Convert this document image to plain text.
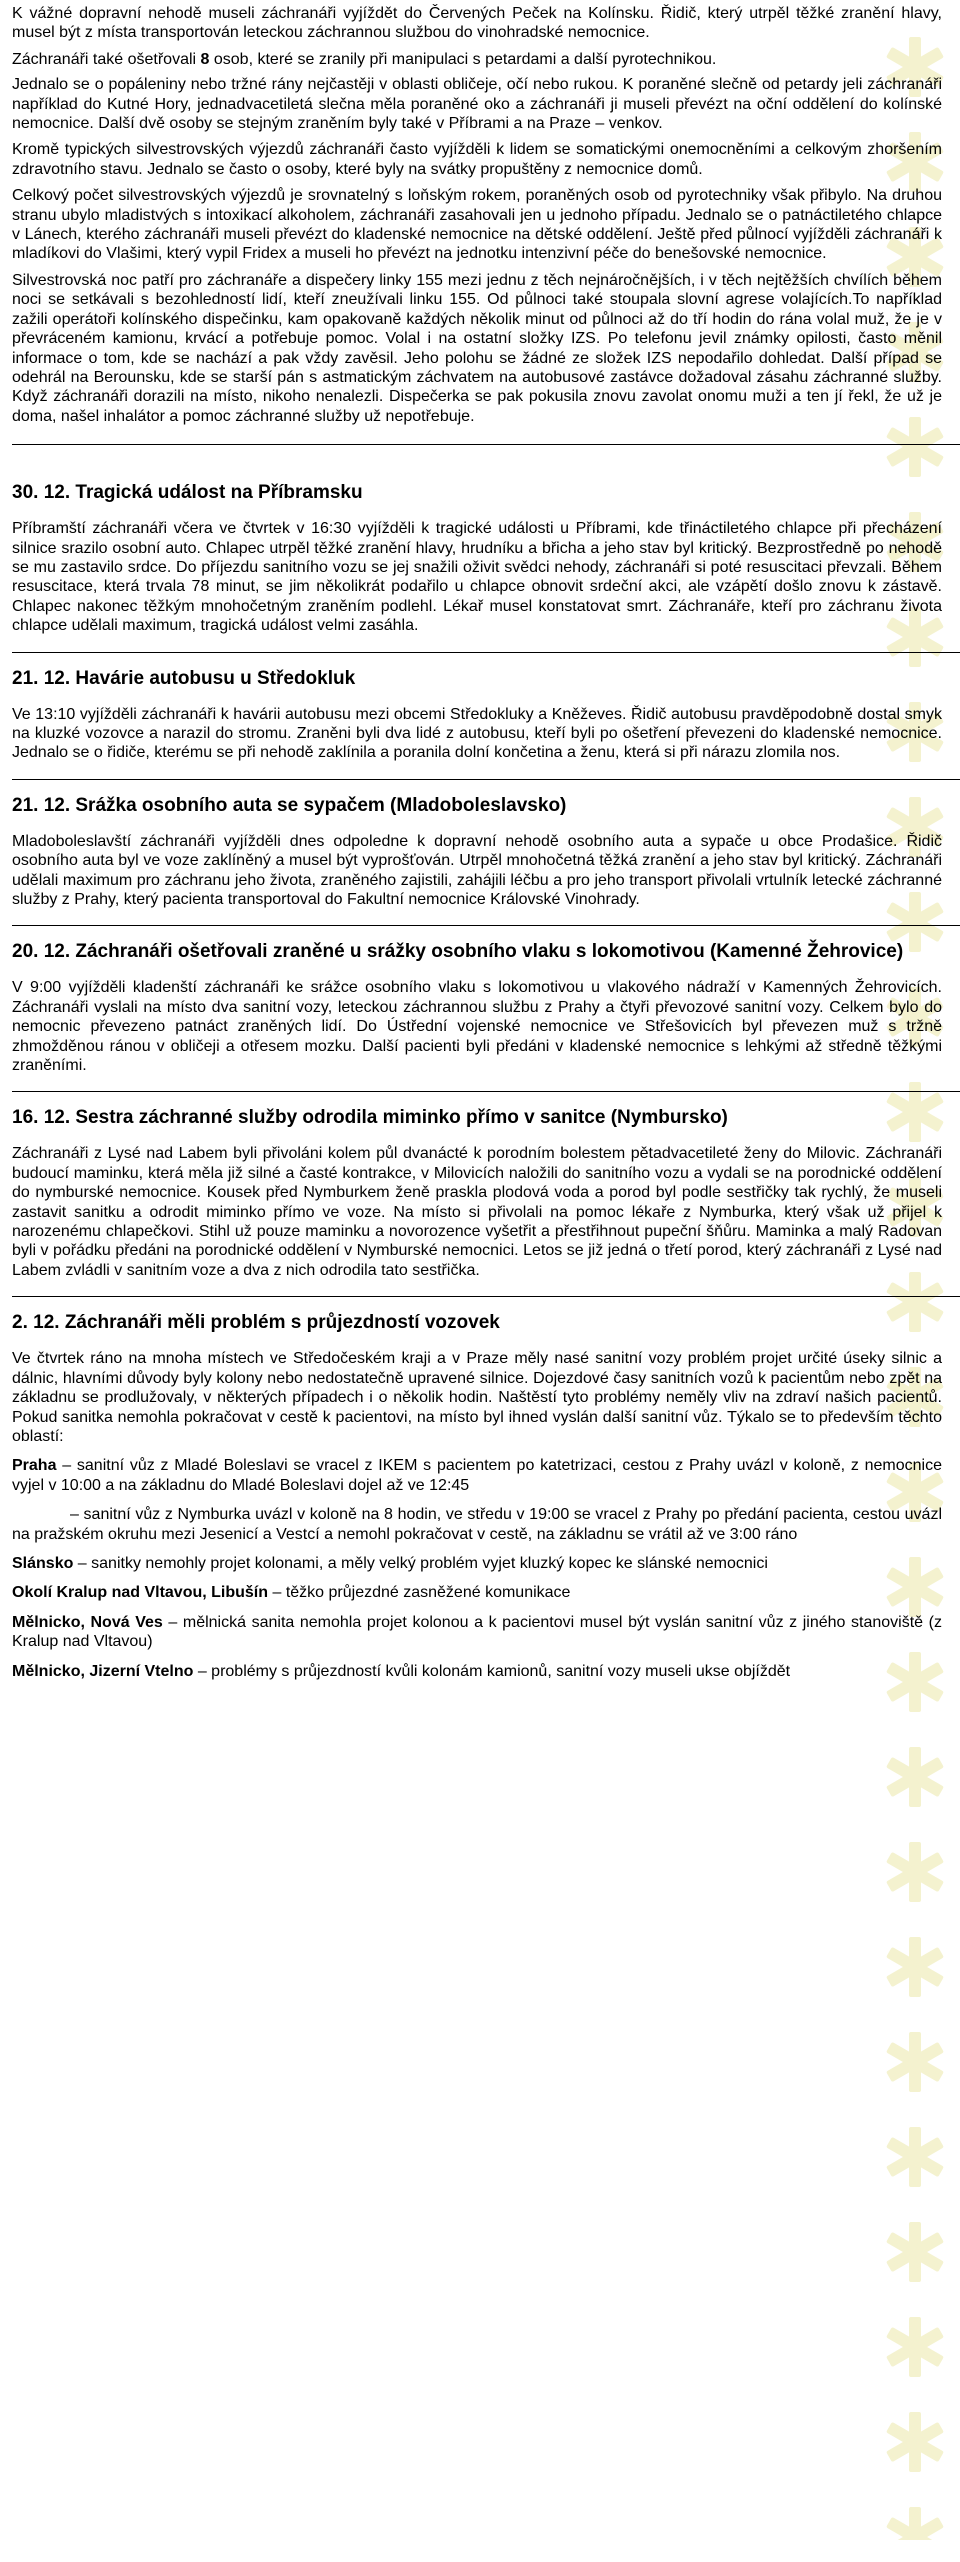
K vážné dopravní nehodě museli záchranáři vyjíždět do Červených Peček na Kolínsku. Řidič, který utrpěl těžké zranění hlavy, musel být z místa transportován leteckou záchrannou službou do vinohradské nemocnice.

Záchranáři také ošetřovali 8 osob, které se zranily při manipulaci s petardami a další pyrotechnikou.

Jednalo se o popáleniny nebo tržné rány nejčastěji v oblasti obličeje, očí nebo rukou. K poraněné slečně od petardy jeli záchranáři například do Kutné Hory, jednadvacetiletá slečna měla poraněné oko a záchranáři ji museli převézt na oční oddělení do kolínské nemocnice. Další dvě osoby se stejným zraněním byly také v Příbrami a na Praze – venkov.

Kromě typických silvestrovských výjezdů záchranáři často vyjížděli k lidem se somatickými onemocněními a celkovým zhoršením zdravotního stavu. Jednalo se často o osoby, které byly na svátky propuštěny z nemocnice domů.

Celkový počet silvestrovských výjezdů je srovnatelný s loňským rokem, poraněných osob od pyrotechniky však přibylo. Na druhou stranu ubylo mladistvých s intoxikací alkoholem, záchranáři zasahovali jen u jednoho případu. Jednalo se o patnáctiletého chlapce v Lánech, kterého záchranáři museli převézt do kladenské nemocnice na dětské oddělení. Ještě před půlnocí vyjížděli záchranáři k mladíkovi do Vlašimi, který vypil Fridex a museli ho převézt na jednotku intenzivní péče do benešovské nemocnice.

Silvestrovská noc patří pro záchranáře a dispečery linky 155 mezi jednu z těch nejnáročnějších, i v těch nejtěžších chvílích během noci se setkávali s bezohledností lidí, kteří zneužívali linku 155. Od půlnoci také stoupala slovní agrese volajících.To například zažili operátoři kolínského dispečinku, kam opakovaně každých několik minut od půlnoci až do tří hodin do rána volal muž, že je v převráceném kamionu, krvácí a potřebuje pomoc. Volal i na ostatní složky IZS. Po telefonu jevil známky opilosti, často měnil informace o tom, kde se nachází a pak vždy zavěsil. Jeho polohu se žádné ze složek IZS nepodařilo dohledat. Další případ se odehrál na Berounsku, kde se starší pán s astmatickým záchvatem na autobusové zastávce dožadoval zásahu záchranné služby. Když záchranáři dorazili na místo, nikoho nenalezli. Dispečerka se pak pokusila znovu zavolat onomu muži a ten jí řekl, že už je doma, našel inhalátor a pomoc záchranné služby už nepotřebuje.

30. 12. Tragická událost na Příbramsku

Příbramští záchranáři včera ve čtvrtek v 16:30 vyjížděli k tragické události u Příbrami, kde třináctiletého chlapce při přecházení silnice srazilo osobní auto. Chlapec utrpěl těžké zranění hlavy, hrudníku a břicha a jeho stav byl kritický. Bezprostředně po nehodě se mu zastavilo srdce. Do příjezdu sanitního vozu se jej snažili oživit svědci nehody, záchranáři si poté resuscitaci převzali. Během resuscitace, která trvala 78 minut, se jim několikrát podařilo u chlapce obnovit srdeční akci, ale vzápětí došlo znovu k zástavě. Chlapec nakonec těžkým mnohočetným zraněním podlehl. Lékař musel konstatovat smrt. Záchranáře, kteří pro záchranu života chlapce udělali maximum, tragická událost velmi zasáhla.

21. 12. Havárie autobusu u Středokluk

Ve 13:10 vyjížděli záchranáři k havárii autobusu mezi obcemi Středokluky a Kněževes. Řidič autobusu pravděpodobně dostal smyk na kluzké vozovce a narazil do stromu. Zraněni byli dva lidé z autobusu, kteří byli po ošetření převezeni do kladenské nemocnice. Jednalo se o řidiče, kterému se při nehodě zaklínila a poranila dolní končetina a ženu, která si při nárazu zlomila nos.

21. 12. Srážka osobního auta se sypačem (Mladoboleslavsko)

Mladoboleslavští záchranáři vyjížděli dnes odpoledne k dopravní nehodě osobního auta a sypače u obce Prodašice. Řidič osobního auta byl ve voze zaklíněný a musel být vyprošťován. Utrpěl mnohočetná těžká zranění a jeho stav byl kritický. Záchranáři udělali maximum pro záchranu jeho života, zraněného zajistili, zahájili léčbu a pro jeho transport přivolali vrtulník letecké záchranné služby z Prahy, který pacienta transportoval do Fakultní nemocnice Královské Vinohrady.

20. 12. Záchranáři ošetřovali zraněné u srážky osobního vlaku s lokomotivou (Kamenné Žehrovice)

V 9:00 vyjížděli kladenští záchranáři ke srážce osobního vlaku s lokomotivou u vlakového nádraží v Kamenných Žehrovicích. Záchranáři vyslali na místo dva sanitní vozy, leteckou záchrannou službu z Prahy a čtyři převozové sanitní vozy. Celkem bylo do nemocnic převezeno patnáct zraněných lidí. Do Ústřední vojenské nemocnice ve Střešovicích byl převezen muž s tržně zhmožděnou ránou v obličeji a otřesem mozku. Další pacienti byli předáni v kladenské nemocnice s lehkými až středně těžkými zraněními.

16. 12. Sestra záchranné služby odrodila miminko přímo v sanitce (Nymbursko)

Záchranáři z Lysé nad Labem byli přivoláni kolem půl dvanácté k porodním bolestem pětadvacetileté ženy do Milovic. Záchranáři budoucí maminku, která měla již silné a časté kontrakce, v Milovicích naložili do sanitního vozu a vydali se na porodnické oddělení do nymburské nemocnice. Kousek před Nymburkem ženě praskla plodová voda a porod byl podle sestřičky tak rychlý, že museli zastavit sanitku a odrodit miminko přímo ve voze. Na místo si přivolali na pomoc lékaře z Nymburka, který však už přijel k narozenému chlapečkovi. Stihl už pouze maminku a novorozence vyšetřit a přestřihnout pupeční šňůru. Maminka a malý Radovan byli v pořádku předáni na porodnické oddělení v Nymburské nemocnici. Letos se již jedná o třetí porod, který záchranáři z Lysé nad Labem zvládli v sanitním voze a dva z nich odrodila tato sestřička.

2. 12. Záchranáři měli problém s průjezdností vozovek

Ve čtvrtek ráno na mnoha místech ve Středočeském kraji a v Praze měly nasé sanitní vozy problém projet určité úseky silnic a dálnic, hlavními důvody byly kolony nebo nedostatečně upravené silnice. Dojezdové časy sanitních vozů k pacientům nebo zpět na základnu se prodlužovaly, v některých případech i o několik hodin. Naštěstí tyto problémy neměly vliv na zdraví našich pacientů. Pokud sanitka nemohla pokračovat v cestě k pacientovi, na místo byl ihned vyslán další sanitní vůz. Týkalo se to především těchto oblastí:

Praha – sanitní vůz z Mladé Boleslavi se vracel z IKEM s pacientem po katetrizaci, cestou z Prahy uvázl v koloně, z nemocnice vyjel v 10:00 a na základnu do Mladé Boleslavi dojel až ve 12:45

– sanitní vůz z Nymburka uvázl v koloně na 8 hodin, ve středu v 19:00 se vracel z Prahy po předání pacienta, cestou uvázl na pražském okruhu mezi Jesenicí a Vestcí a nemohl pokračovat v cestě, na základnu se vrátil až ve 3:00 ráno

Slánsko – sanitky nemohly projet kolonami, a měly velký problém vyjet kluzký kopec ke slánské nemocnici

Okolí Kralup nad Vltavou, Libušín – těžko průjezdné zasněžené komunikace

Mělnicko, Nová Ves – mělnická sanita nemohla projet kolonou a k pacientovi musel být vyslán sanitní vůz z jiného stanoviště (z Kralup nad Vltavou)

Mělnicko, Jizerní Vtelno – problémy s průjezdností kvůli kolonám kamionů, sanitní vozy museli ukse objíždět
